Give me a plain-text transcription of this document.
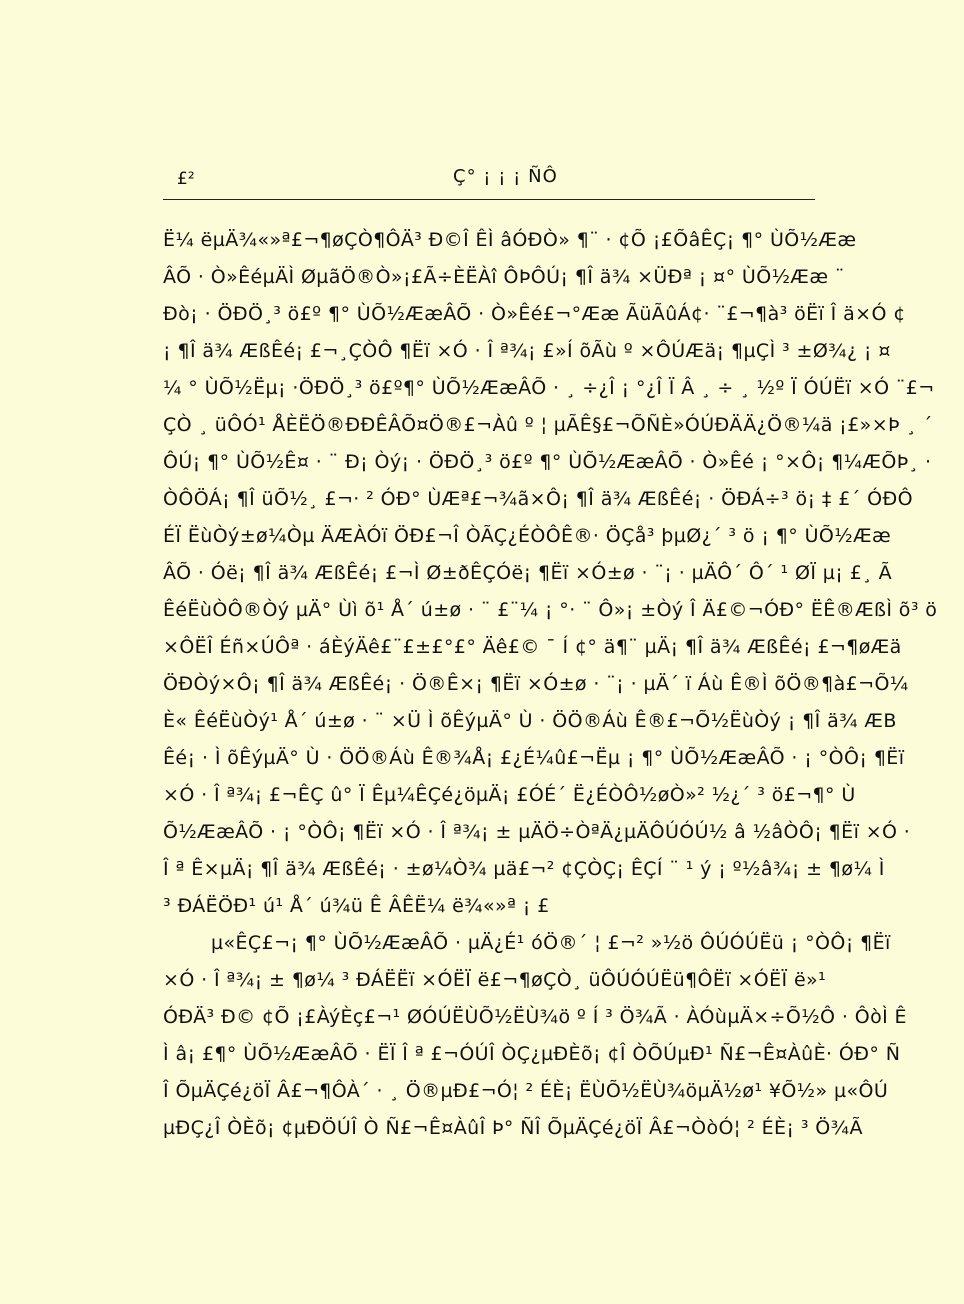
£²	Ç° ¡ ¡ ¡ ÑÔ
Ë¼ ëµÄ¾«»ª£¬¶øÇÒ¶ÔÄ³ Ð©Î ÊÌ âÓÐÒ» ¶¨ · ¢Õ ¡£ÕâÊÇ¡ ¶° ÙÕ½Ææ
ÂÕ · Ò»ÊéµÄÌ ØµãÖ®Ò»¡£Ã÷ÈËÀî ÔÞÔÚ¡ ¶Î ä¾ ×ÜÐª ¡ ¤° ÙÕ½Ææ ¨
Ðò¡ · ÖÐÖ¸³ ö£º ¶° ÙÕ½ÆæÂÕ · Ò»Êé£¬°Ææ ÃüÃûÁ¢· ¨£¬¶à³ öËï Î ä×Ó ¢
¡ ¶Î ä¾ ÆßÊé¡ £¬¸ÇÒÔ ¶Ëï ×Ó · Î ª¾¡ £»Í õÃù º ×ÔÚÆä¡ ¶µÇÌ ³ ±Ø¾¿ ¡ ¤
¼ ° ÙÕ½Ëµ¡ ·ÖÐÖ¸³ ö£º¶° ÙÕ½ÆæÂÕ · ¸ ÷¿Î ¡ °¿Î Ï Â ¸ ÷ ¸ ½º Ï ÓÚËï ×Ó ¨£¬
ÇÒ ¸ üÔÓ¹ ÅÈËÖ®ÐÐÊÂÕ¤Ö®£¬Àû º ¦ µÃÊ§£¬ÕÑÈ»ÓÚÐÄÄ¿Ö®¼ä ¡£»×Þ ¸ ´
ÔÚ¡ ¶° ÙÕ½Ê¤ · ¨ Ð¡ Òý¡ · ÖÐÖ¸³ ö£º ¶° ÙÕ½ÆæÂÕ · Ò»Êé ¡ °×Ô¡ ¶¼ÆÕÞ¸ ·
ÒÔÖÁ¡ ¶Î üÕ½¸ £¬· ² ÓÐ° ÙÆª£¬¾ã×Ô¡ ¶Î ä¾ ÆßÊé¡ · ÖÐÁ÷³ ö¡ ‡ £´ ÓÐÔ
ÉÏ ËùÒý±ø¼Òµ ÄÆÀÓï ÖÐ£¬Î ÒÃÇ¿ÉÒÔÊ®· ÖÇå³ þµØ¿´ ³ ö ¡ ¶° ÙÕ½Ææ
ÂÕ · Óë¡ ¶Î ä¾ ÆßÊé¡ £¬Ì Ø±ðÊÇÓë¡ ¶Ëï ×Ó±ø · ¨¡ · µÄÔ´ Ô´ ¹ ØÏ µ¡ £¸ Ã
ÊéËùÒÔ®Òý µÄ° Ùì õ¹ Å´ ú±ø · ¨ £¨¼ ¡ °· ¨ Ô»¡ ±Òý Î Ä£©¬ÓÐ° ËÊ®ÆßÌ õ³ ö
×ÔËÎ Éñ×ÚÔª · áÈýÄê£¨£±£°£° Äê£© ¯ Í ¢° ä¶¨ µÄ¡ ¶Î ä¾ ÆßÊé¡ £¬¶øÆä
ÖÐÒý×Ô¡ ¶Î ä¾ ÆßÊé¡ · Ö®Ê×¡ ¶Ëï ×Ó±ø · ¨¡ · µÄ´ ï Áù Ê®Ì õÖ®¶à£¬Õ¼
È« ÊéËùÒý¹ Å´ ú±ø · ¨ ×Ü Ì õÊýµÄ° Ù · ÖÖ®Áù Ê®£¬Õ½ËùÒý ¡ ¶Î ä¾ ÆB
Êé¡ · Ì õÊýµÄ° Ù · ÖÖ®Áù Ê®¾Å¡ £¿É¼û£¬Ëµ ¡ ¶° ÙÕ½ÆæÂÕ · ¡ °ÒÔ¡ ¶Ëï
×Ó · Î ª¾¡ £¬ÊÇ û° Ï Êµ¼ÊÇé¿öµÄ¡ £ÓÉ´ Ë¿ÉÒÔ½øÒ»² ½¿´ ³ ö£¬¶° Ù
Õ½ÆæÂÕ · ¡ °ÒÔ¡ ¶Ëï ×Ó · Î ª¾¡ ± µÄÖ÷ÒªÄ¿µÄÔÚÓÚ½ â ½âÒÔ¡ ¶Ëï ×Ó ·
Î ª Ê×µÄ¡ ¶Î ä¾ ÆßÊé¡ · ±ø¼Ò¾ µä£¬² ¢ÇÒÇ¡ ÊÇÍ ¨ ¹ ý ¡ º½â¾¡ ± ¶ø¼ Ì
³ ÐÁËÖÐ¹ ú¹ Å´ ú¾ü Ê ÂÊË¼ ë¾«»ª ¡ £
µ«ÊÇ£¬¡ ¶° ÙÕ½ÆæÂÕ · µÄ¿É¹ óÖ®´ ¦ £¬² »½ö ÔÚÓÚËü ¡ °ÒÔ¡ ¶Ëï
×Ó · Î ª¾¡ ± ¶ø¼ ³ ÐÁËËï ×ÓËÏ ë£¬¶øÇÒ¸ üÔÚÓÚËü¶ÔËï ×ÓËÏ ë»¹
ÓÐÄ³ Ð© ¢Õ ¡£ÀýÈç£¬¹ ØÓÚËÙÕ½ËÙ¾ö º Í ³ Ö¾Ã · ÀÓùµÄ×÷Õ½Ô · ÔòÌ Ê
Ì â¡ £¶° ÙÕ½ÆæÂÕ · ËÏ Î ª £¬ÓÚÎ ÒÇ¿µÐÈõ¡ ¢Î ÒÕÚµÐ¹ Ñ£¬Ê¤ÀûÈ· ÓÐ° Ñ
Î ÕµÄÇé¿öÏ Â£¬¶ÔÀ´ · ¸ Ö®µÐ£¬Ó¦ ² ÉÈ¡ ËÙÕ½ËÙ¾öµÄ½ø¹ ¥Õ½» µ«ÔÚ
µÐÇ¿Î ÒÈõ¡ ¢µÐÖÚÎ Ò Ñ£¬Ê¤ÀûÎ Þ° ÑÎ ÕµÄÇé¿öÏ Â£¬ÒòÓ¦ ² ÉÈ¡ ³ Ö¾Ã
